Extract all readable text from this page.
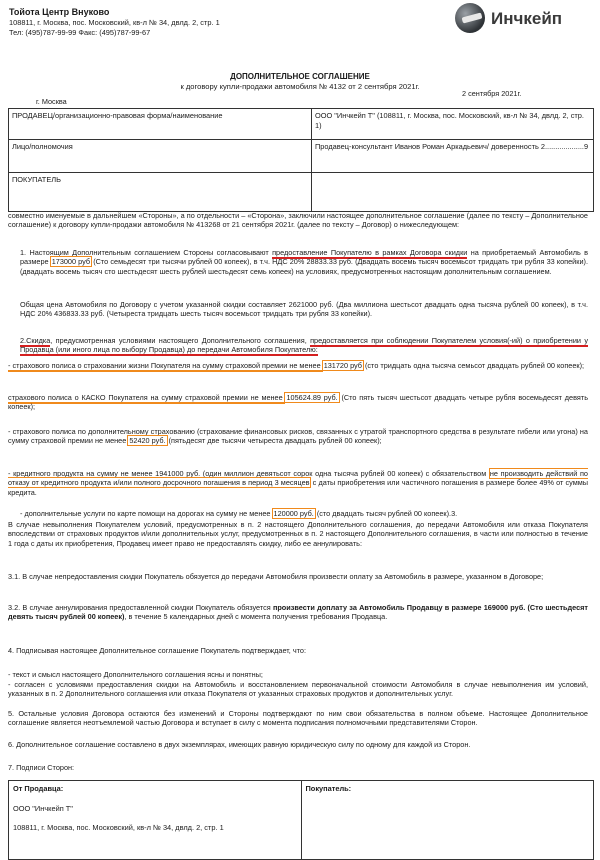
Тойота Центр Внуково
108811, г. Москва, пос. Московский, кв-л № 34, двлд. 2, стр. 1
Тел: (495)787-99-99 Факс: (495)787-99-67
Инчкейп
2 сентября 2021г.
ДОПОЛНИТЕЛЬНОЕ СОГЛАШЕНИЕ
к договору купли-продажи автомобиля № 4132 от 2 сентября 2021г.
г. Москва
ПРОДАВЕЦ/организационно-правовая форма/наименование	ООО "Инчкейп Т" (108811, г. Москва, пос. Московский, кв-л № 34, двлд. 2, стр. 1)
Лицо/полномочия	Продавец-консультант Иванов Роман Аркадьевич/ доверенность 2...................9
ПОКУПАТЕЛЬ	
совместно именуемые в дальнейшем «Стороны», а по отдельности – «Сторона», заключили настоящее дополнительное соглашение (далее по тексту – Дополнительное соглашение) к договору купли-продажи автомобиля № 413268 от 21 сентября 2021г. (далее по тексту – Договор) о нижеследующем:
1. Настоящим Дополнительным соглашением Стороны согласовывают предоставление Покупателю в рамках Договора скидки на приобретаемый Автомобиль в размере 173000 руб (Сто семьдесят три тысячи рублей 00 копеек), в т.ч. НДС 20% 28833.33 руб. (Двадцать восемь тысяч восемьсот тридцать три рубля 33 копейки). (двадцать восемь тысяч сто шестьдесят шесть рублей шестьдесят семь копеек) на условиях, предусмотренных настоящим дополнительным соглашением.
Общая цена Автомобиля по Договору с учетом указанной скидки составляет 2621000 руб. (Два миллиона шестьсот двадцать одна тысяча рублей 00 копеек), в т.ч. НДС 20% 436833.33 руб. (Четыреста тридцать шесть тысяч восемьсот тридцать три рубля 33 копейки).
2.Скидка, предусмотренная условиями настоящего Дополнительного соглашения, предоставляется при соблюдении Покупателем условия(-ий) о приобретении у Продавца (или иного лица по выбору Продавца) до передачи Автомобиля Покупателю:
- страхового полиса о страховании жизни Покупателя на сумму страховой премии не менее 131720 руб (сто тридцать одна тысяча семьсот двадцать рублей 00 копеек);
страхового полиса о КАСКО Покупателя на сумму страховой премии не менее 105624.89 руб. (Сто пять тысяч шестьсот двадцать четыре рубля восемьдесят девять копеек);
- страхового полиса по дополнительному страхованию (страхование финансовых рисков, связанных с утратой транспортного средства в результате гибели или угона) на сумму страховой премии не менее 52420 руб. (пятьдесят две тысячи четыреста двадцать рублей 00 копеек);
- кредитного продукта на сумму не менее 1941000 руб. (один миллион девятьсот сорок одна тысяча рублей 00 копеек) с обязательством не производить действий по отказу от кредитного продукта и/или полного досрочного погашения в период 3 месяцев с даты приобретения или частичного погашения в размере более 49% от суммы кредита.
- дополнительные услуги по карте помощи на дорогах на сумму не менее 120000 руб. (сто двадцать тысяч рублей 00 копеек).3.
В случае невыполнения Покупателем условий, предусмотренных в п. 2 настоящего Дополнительного соглашения, до передачи Автомобиля или отказа Покупателя впоследствии от страховых продуктов и/или дополнительных услуг, предусмотренных в п. 2 настоящего Дополнительного соглашения, в части или полностью в течение 1 года с даты их приобретения, Продавец имеет право не предоставлять скидку, либо ее аннулировать:
3.1. В случае непредоставления скидки Покупатель обязуется до передачи Автомобиля произвести оплату за Автомобиль в размере, указанном в Договоре;
3.2. В случае аннулирования предоставленной скидки Покупатель обязуется произвести доплату за Автомобиль Продавцу в размере 169000 руб. (Сто шестьдесят девять тысяч рублей 00 копеек), в течение 5 календарных дней с момента получения требования Продавца.
4. Подписывая настоящее Дополнительное соглашение Покупатель подтверждает, что:
- текст и смысл настоящего Дополнительного соглашения ясны и понятны;
- согласен с условиями предоставления скидки на Автомобиль и восстановлением первоначальной стоимости Автомобиля в случае невыполнения им условий, указанных в п. 2 Дополнительного соглашения или отказа Покупателя от указанных страховых продуктов и дополнительных услуг.
5. Остальные условия Договора остаются без изменений и Стороны подтверждают по ним свои обязательства в полном объеме. Настоящее Дополнительное соглашение является неотъемлемой частью Договора и вступает в силу с момента подписания полномочными представителями Сторон.
6. Дополнительное соглашение составлено в двух экземплярах, имеющих равную юридическую силу по одному для каждой из Сторон.
7. Подписи Сторон:
От Продавца:
ООО "Инчкейп Т"
108811, г. Москва, пос. Московский, кв-л № 34, двлд. 2, стр. 1

Покупатель:
